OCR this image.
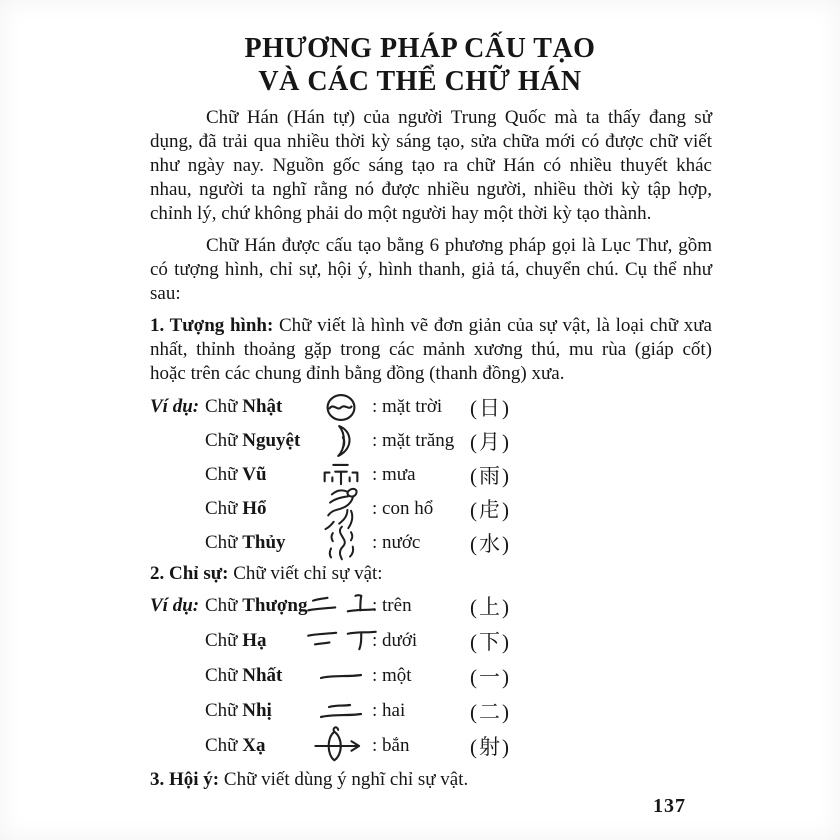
PHƯƠNG PHÁP CẤU TẠO
VÀ CÁC THỂ CHỮ HÁN
Chữ Hán (Hán tự) của người Trung Quốc mà ta thấy đang sử
dụng, đã trải qua nhiều thời kỳ sáng tạo, sửa chữa mới có được chữ viết
như ngày nay. Nguồn gốc sáng tạo ra chữ Hán có nhiều thuyết khác
nhau, người ta nghĩ rằng nó được nhiều người, nhiều thời kỳ tập hợp,
chỉnh lý, chứ không phải do một người hay một thời kỳ tạo thành.
Chữ Hán được cấu tạo bằng 6 phương pháp gọi là Lục Thư, gồm
có tượng hình, chỉ sự, hội ý, hình thanh, giả tá, chuyển chú. Cụ thể như
sau:
1. Tượng hình: Chữ viết là hình vẽ đơn giản của sự vật, là loại chữ xưa
nhất, thỉnh thoảng gặp trong các mảnh xương thú, mu rùa (giáp cốt)
hoặc trên các chung đỉnh bằng đồng (thanh đồng) xưa.
Ví dụ: Chữ Nhật	: mặt trời	(日)
Chữ Nguyệt	: mặt trăng (月)
Chữ Vũ	: mưa	(雨)
Chữ Hổ	: con hổ	(虍)
Chữ Thủy	: nước	(水)
2. Chỉ sự: Chữ viết chỉ sự vật:
Ví dụ: Chữ Thượng	: trên	(上)
Chữ Hạ	: dưới	(下)
Chữ Nhất	: một	(一)
Chữ Nhị	: hai	(二)
Chữ Xạ	: bắn	(射)
3. Hội ý: Chữ viết dùng ý nghĩ chỉ sự vật.
137
